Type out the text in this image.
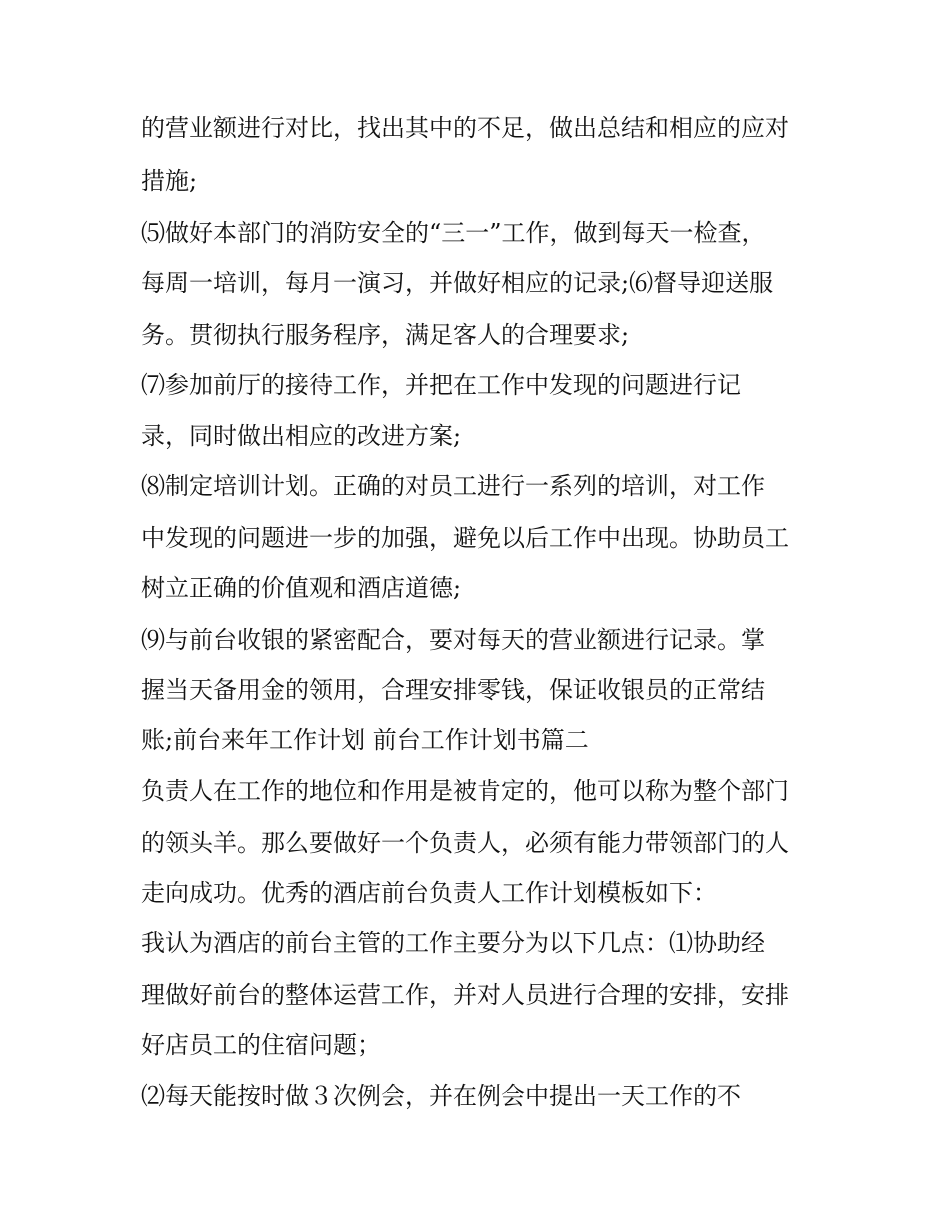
的营业额进行对比，找出其中的不足，做出总结和相应的应对

措施;

⑸做好本部门的消防安全的“三一”工作，做到每天一检查，

每周一培训，每月一演习，并做好相应的记录;⑹督导迎送服

务。贯彻执行服务程序，满足客人的合理要求;

⑺参加前厅的接待工作，并把在工作中发现的问题进行记

录，同时做出相应的改进方案;

⑻制定培训计划。正确的对员工进行一系列的培训，对工作

中发现的问题进一步的加强，避免以后工作中出现。协助员工

树立正确的价值观和酒店道德;

⑼与前台收银的紧密配合，要对每天的营业额进行记录。掌

握当天备用金的领用，合理安排零钱，保证收银员的正常结

账;前台来年工作计划 前台工作计划书篇二

负责人在工作的地位和作用是被肯定的，他可以称为整个部门

的领头羊。那么要做好一个负责人，必须有能力带领部门的人

走向成功。优秀的酒店前台负责人工作计划模板如下：

我认为酒店的前台主管的工作主要分为以下几点：⑴协助经

理做好前台的整体运营工作，并对人员进行合理的安排，安排

好店员工的住宿问题；

⑵每天能按时做３次例会，并在例会中提出一天工作的不
